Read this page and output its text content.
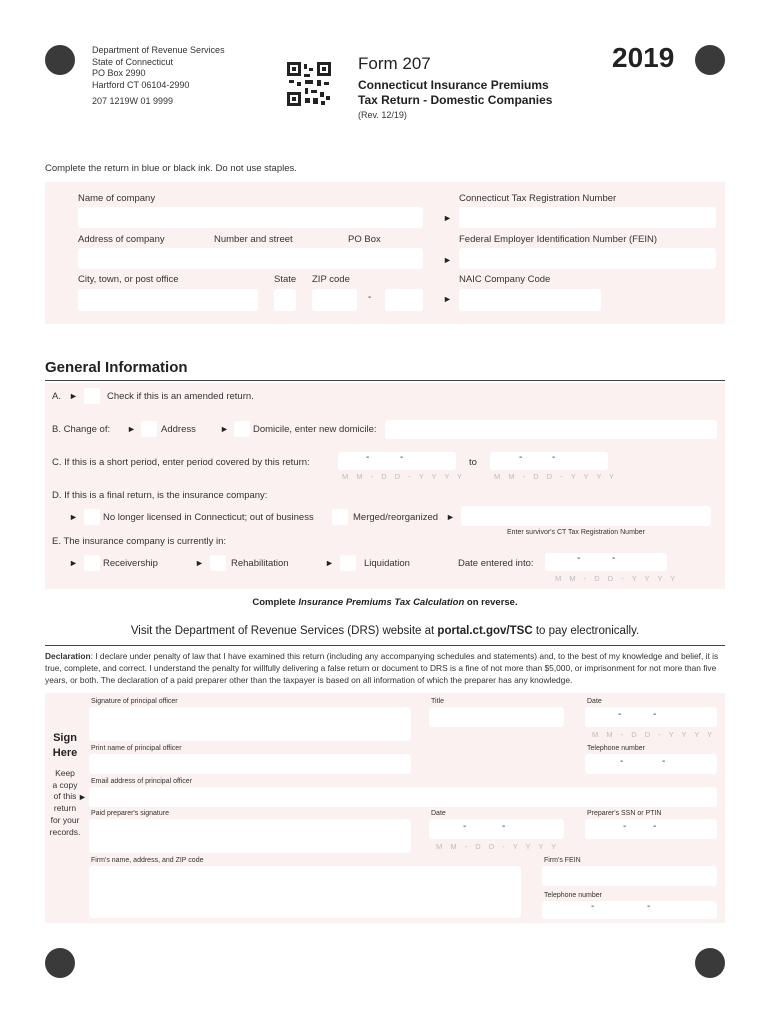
Department of Revenue Services
State of Connecticut
PO Box 2990
Hartford CT 06104-2990
207 1219W 01 9999
Form 207
Connecticut Insurance Premiums
Tax Return - Domestic Companies
(Rev. 12/19)
2019
Complete the return in blue or black ink. Do not use staples.
Name of company	Connecticut Tax Registration Number
►
Address of company	Number and street	PO Box	Federal Employer Identification Number (FEIN)
►
City, town, or post office	State ZIP code
-
NAIC Company Code
►
General Information
A. ►	Check if this is an amended return.
B. Change of: ►	Address	►	Domicile, enter new domicile:
C. If this is a short period, enter period covered by this return:	-	-
M M - D D - Y Y Y Y
to	-	-
M M - D D - Y Y Y Y
D. If this is a final return, is the insurance company:
►	No longer licensed in Connecticut; out of business	Merged/reorganized ►
Enter survivor's CT Tax Registration Number
E. The insurance company is currently in:
►	Receivership	►	Rehabilitation	►	Liquidation	Date entered into:	-	-
M M - D D - Y Y Y Y
Complete Insurance Premiums Tax Calculation on reverse.
Visit the Department of Revenue Services (DRS) website at portal.ct.gov/TSC to pay electronically.
Declaration: I declare under penalty of law that I have examined this return (including any accompanying schedules and statements) and, to the best of my knowledge and belief, it is true, complete, and correct. I understand the penalty for willfully delivering a false return or document to DRS is a fine of not more than $5,000, or imprisonment for not more than five years, or both. The declaration of a paid preparer other than the taxpayer is based on all information of which the preparer has any knowledge.
Sign
Here
Keep
a copy
of this
return
for your
records.
►
Signature of principal officer	Title	Date
-	-
M M - D D - Y Y Y Y
Print name of principal officer	Telephone number
-	-
Email address of principal officer
Paid preparer's signature	Date
-	-
M M - D D - Y Y Y Y
Preparer's SSN or PTIN
-	-
Firm's name, address, and ZIP code	Firm's FEIN
Telephone number
-	-
